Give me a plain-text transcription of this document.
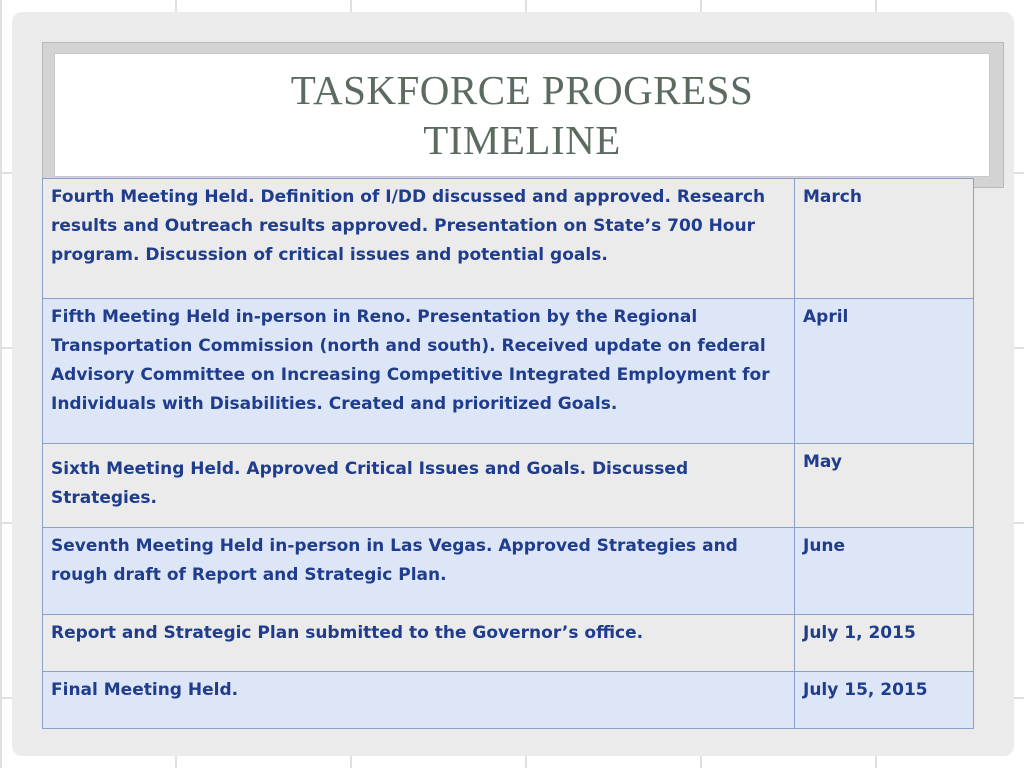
TASKFORCE PROGRESS
TIMELINE
Fourth Meeting Held. Definition of I/DD discussed and approved. Research results and Outreach results approved. Presentation on State’s 700 Hour program. Discussion of critical issues and potential goals.	March
Fifth Meeting Held in-person in Reno. Presentation by the Regional Transportation Commission (north and south). Received update on federal Advisory Committee on Increasing Competitive Integrated Employment for Individuals with Disabilities. Created and prioritized Goals.	April
Sixth Meeting Held. Approved Critical Issues and Goals. Discussed Strategies.	May
Seventh Meeting Held in-person in Las Vegas. Approved Strategies and rough draft of Report and Strategic Plan.	June
Report and Strategic Plan submitted to the Governor’s office.	July 1, 2015
Final Meeting Held.	July 15, 2015
